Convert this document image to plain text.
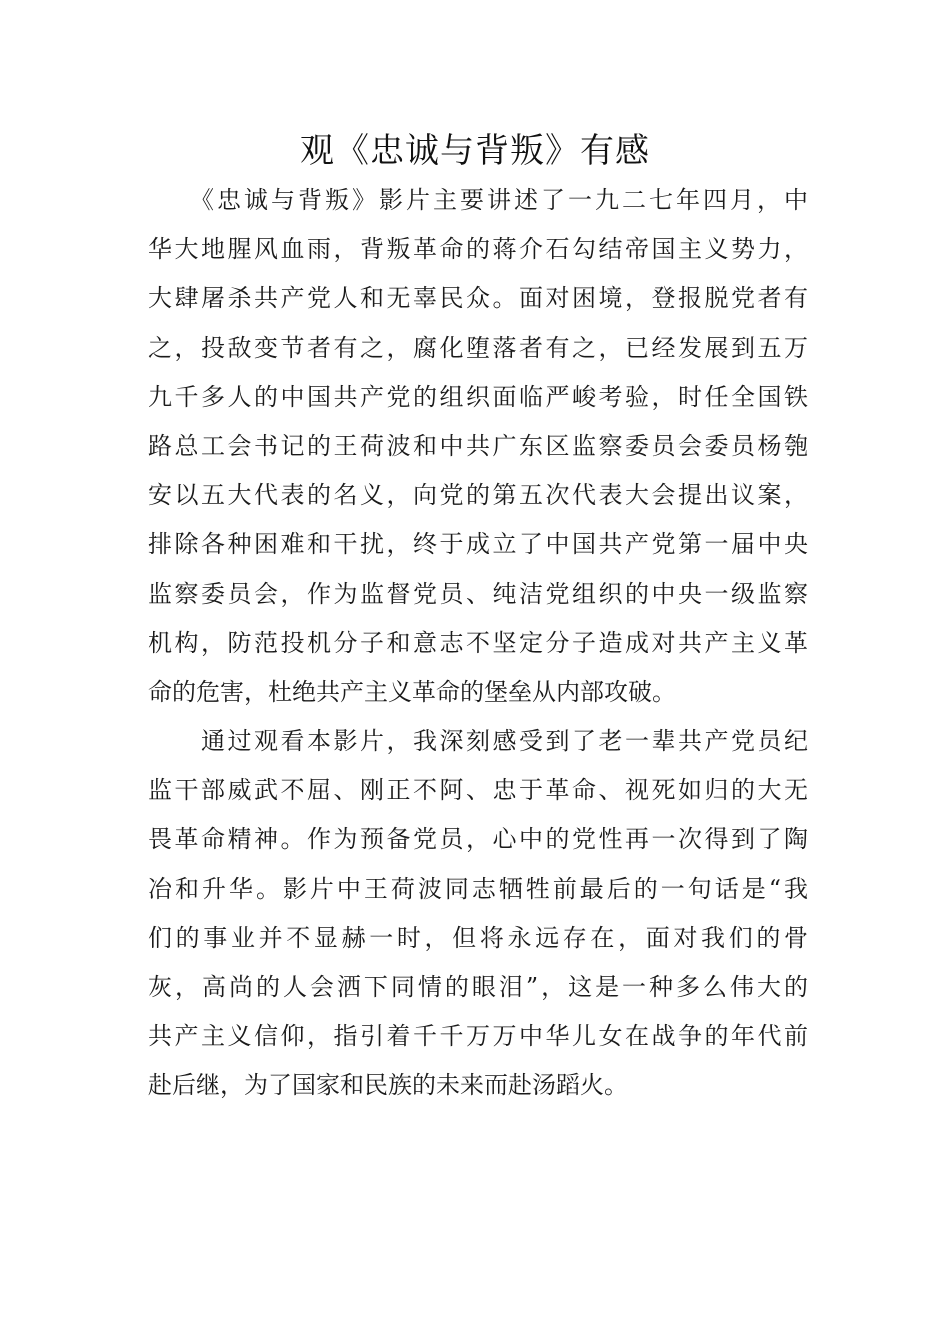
观《忠诚与背叛》有感
　　《忠诚与背叛》影片主要讲述了一九二七年四月，中
华大地腥风血雨，背叛革命的蒋介石勾结帝国主义势力，
大肆屠杀共产党人和无辜民众。面对困境，登报脱党者有
之，投敌变节者有之，腐化堕落者有之，已经发展到五万
九千多人的中国共产党的组织面临严峻考验，时任全国铁
路总工会书记的王荷波和中共广东区监察委员会委员杨匏
安以五大代表的名义，向党的第五次代表大会提出议案，
排除各种困难和干扰，终于成立了中国共产党第一届中央
监察委员会，作为监督党员、纯洁党组织的中央一级监察
机构，防范投机分子和意志不坚定分子造成对共产主义革
命的危害，杜绝共产主义革命的堡垒从内部攻破。
　　通过观看本影片，我深刻感受到了老一辈共产党员纪
监干部威武不屈、刚正不阿、忠于革命、视死如归的大无
畏革命精神。作为预备党员，心中的党性再一次得到了陶
冶和升华。影片中王荷波同志牺牲前最后的一句话是“我
们的事业并不显赫一时，但将永远存在，面对我们的骨
灰，高尚的人会洒下同情的眼泪”，这是一种多么伟大的
共产主义信仰，指引着千千万万中华儿女在战争的年代前
赴后继，为了国家和民族的未来而赴汤蹈火。
